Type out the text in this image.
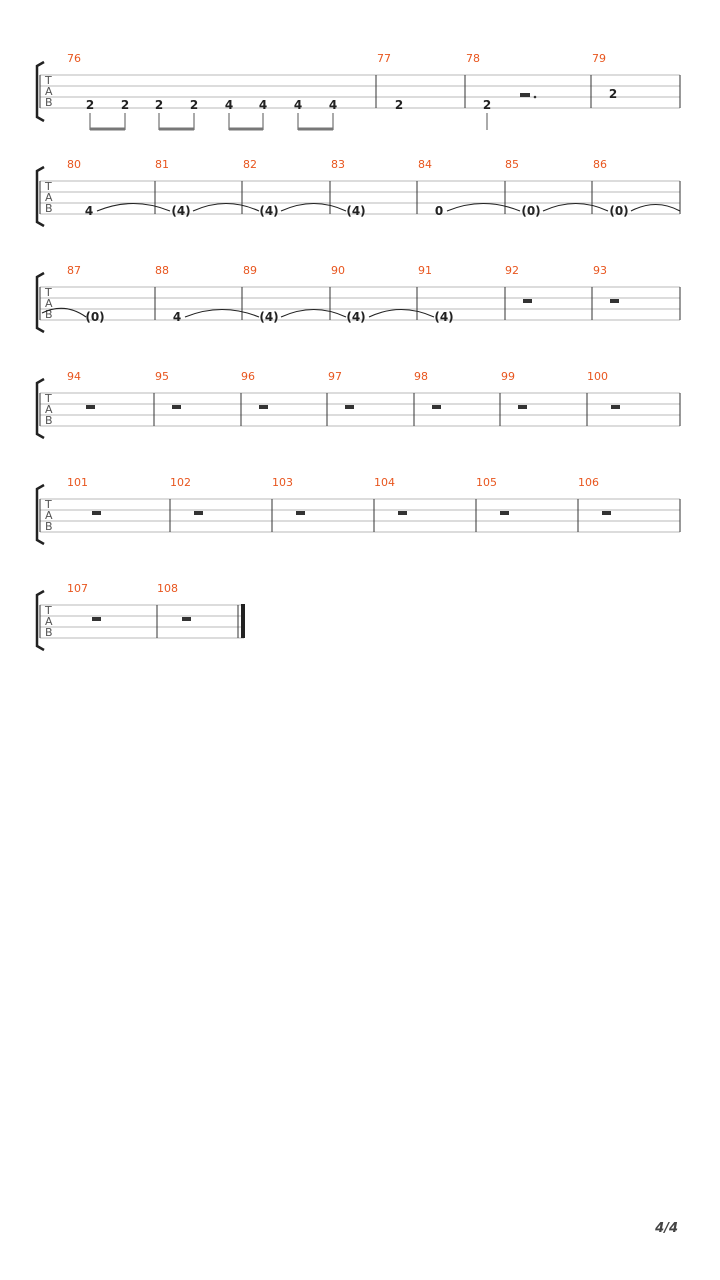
T
A
B
76	77	78	79
2 2 2 2 4 4 4 4	2	2
2
T
A
B
80	81	82	83	84	85	86
4	(4)	(4)	(4)	0	(0)	(0)
T
A
B
87	88	89	90	91	92	93
(0)	4	(4)	(4)	(4)
T
A
B
94	95	96	97	98	99	100
T
A
B
101	102	103	104	105	106
T
A
B
107	108
4/4
